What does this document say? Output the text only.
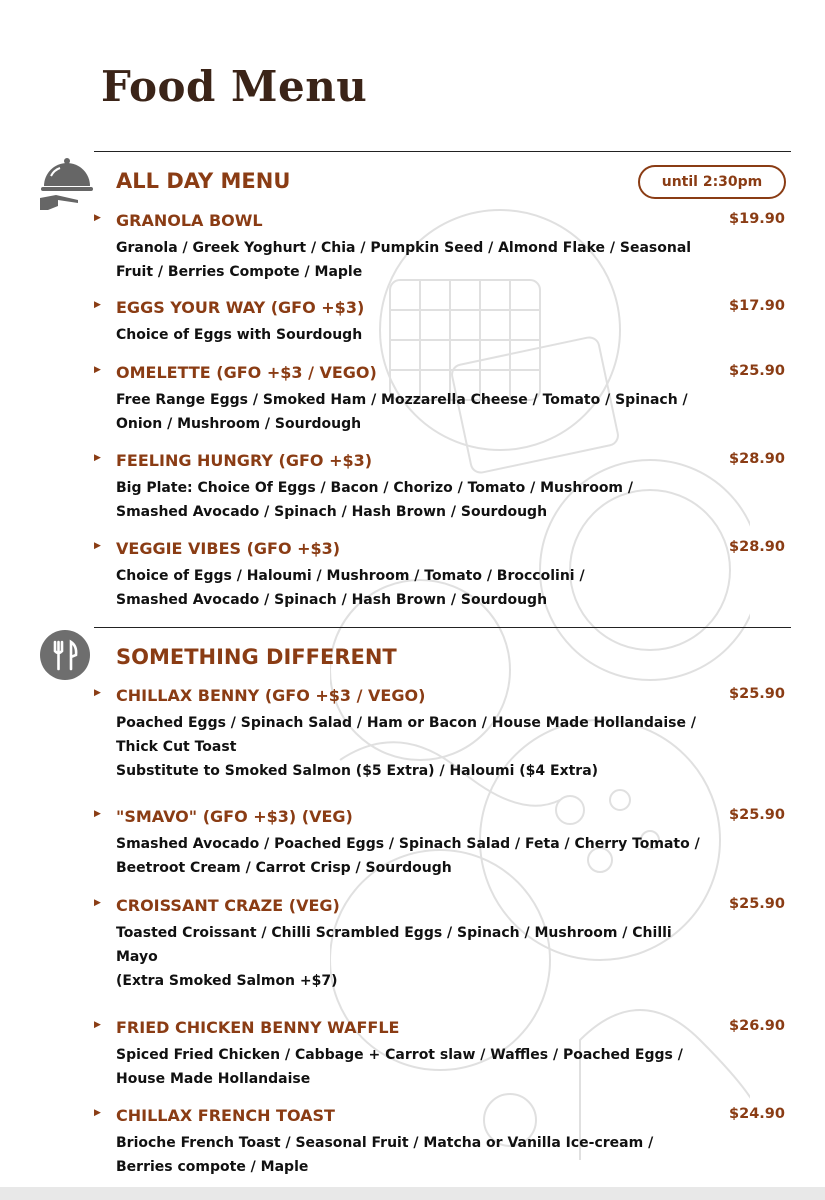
Food Menu
ALL DAY MENU	until 2:30pm
▶ GRANOLA BOWL	$19.90
Granola / Greek Yoghurt / Chia / Pumpkin Seed / Almond Flake / Seasonal
Fruit / Berries Compote / Maple
▶ EGGS YOUR WAY (GFO +$3)	$17.90
Choice of Eggs with Sourdough
▶ OMELETTE (GFO +$3 / VEGO)	$25.90
Free Range Eggs / Smoked Ham / Mozzarella Cheese / Tomato / Spinach /
Onion / Mushroom / Sourdough
▶ FEELING HUNGRY (GFO +$3)	$28.90
Big Plate: Choice Of Eggs / Bacon / Chorizo / Tomato / Mushroom /
Smashed Avocado / Spinach / Hash Brown / Sourdough
▶ VEGGIE VIBES (GFO +$3)	$28.90
Choice of Eggs / Haloumi / Mushroom / Tomato / Broccolini /
Smashed Avocado / Spinach / Hash Brown / Sourdough
SOMETHING DIFFERENT
▶ CHILLAX BENNY (GFO +$3 / VEGO)	$25.90
Poached Eggs / Spinach Salad / Ham or Bacon / House Made Hollandaise /
Thick Cut Toast
Substitute to Smoked Salmon ($5 Extra) / Haloumi ($4 Extra)
▶ "SMAVO" (GFO +$3) (VEG)	$25.90
Smashed Avocado / Poached Eggs / Spinach Salad / Feta / Cherry Tomato /
Beetroot Cream / Carrot Crisp / Sourdough
▶ CROISSANT CRAZE (VEG)	$25.90
Toasted Croissant / Chilli Scrambled Eggs / Spinach / Mushroom / Chilli
Mayo
(Extra Smoked Salmon +$7)
▶ FRIED CHICKEN BENNY WAFFLE	$26.90
Spiced Fried Chicken / Cabbage + Carrot slaw / Waffles / Poached Eggs /
House Made Hollandaise
▶ CHILLAX FRENCH TOAST	$24.90
Brioche French Toast / Seasonal Fruit / Matcha or Vanilla Ice-cream /
Berries compote / Maple
